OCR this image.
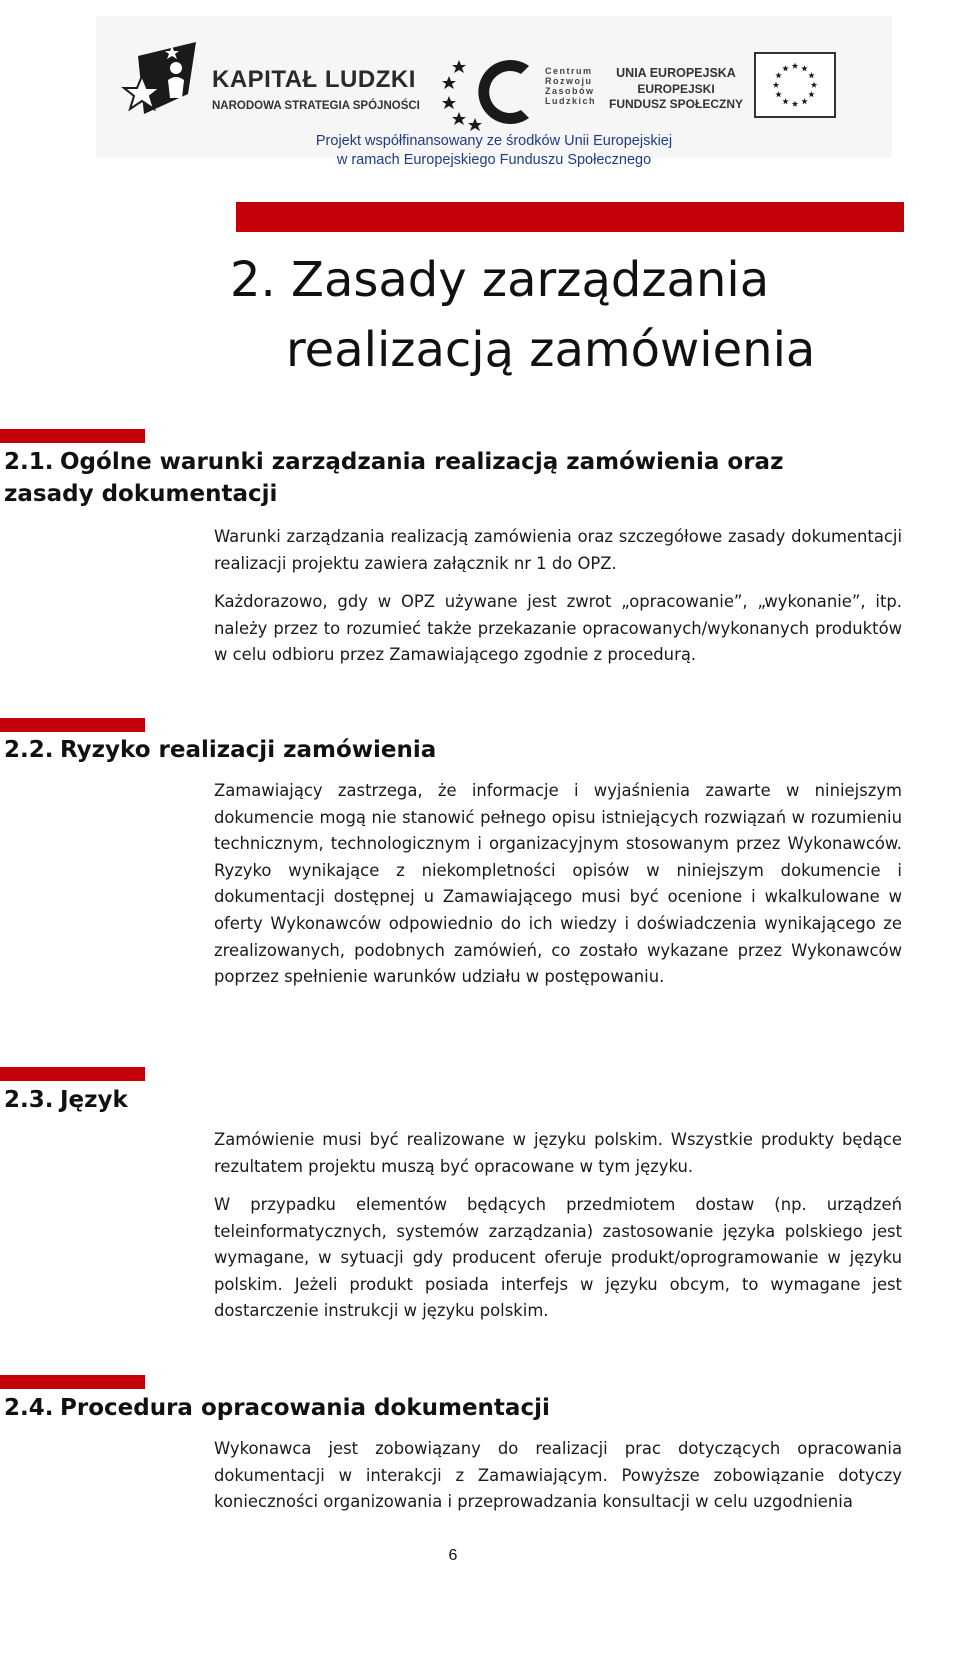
KAPITAŁ LUDZKI
NARODOWA STRATEGIA SPÓJNOŚCI
Centrum
Rozwoju
Zasobów
Ludzkich
UNIA EUROPEJSKA
EUROPEJSKI
FUNDUSZ SPOŁECZNY
Projekt współfinansowany ze środków Unii Europejskiej
w ramach Europejskiego Funduszu Społecznego
2. Zasady zarządzania
realizacją zamówienia
2.1. Ogólne warunki zarządzania realizacją zamówienia oraz zasady dokumentacji

Warunki zarządzania realizacją zamówienia oraz szczegółowe zasady dokumentacji realizacji projektu zawiera załącznik nr 1 do OPZ.

Każdorazowo, gdy w OPZ używane jest zwrot „opracowanie”, „wykonanie”, itp. należy przez to rozumieć także przekazanie opracowanych/wykonanych produktów w celu odbioru przez Zamawiającego zgodnie z procedurą.

2.2. Ryzyko realizacji zamówienia

Zamawiający zastrzega, że informacje i wyjaśnienia zawarte w niniejszym dokumencie mogą nie stanowić pełnego opisu istniejących rozwiązań w rozumieniu technicznym, technologicznym i organizacyjnym stosowanym przez Wykonawców. Ryzyko wynikające z niekompletności opisów w niniejszym dokumencie i dokumentacji dostępnej u Zamawiającego musi być ocenione i wkalkulowane w oferty Wykonawców odpowiednio do ich wiedzy i doświadczenia wynikającego ze zrealizowanych, podobnych zamówień, co zostało wykazane przez Wykonawców poprzez spełnienie warunków udziału w postępowaniu.

2.3. Język

Zamówienie musi być realizowane w języku polskim. Wszystkie produkty będące rezultatem projektu muszą być opracowane w tym języku.

W przypadku elementów będących przedmiotem dostaw (np. urządzeń teleinformatycznych, systemów zarządzania) zastosowanie języka polskiego jest wymagane, w sytuacji gdy producent oferuje produkt/oprogramowanie w języku polskim. Jeżeli produkt posiada interfejs w języku obcym, to wymagane jest dostarczenie instrukcji w języku polskim.

2.4. Procedura opracowania dokumentacji

Wykonawca jest zobowiązany do realizacji prac dotyczących opracowania dokumentacji w interakcji z Zamawiającym. Powyższe zobowiązanie dotyczy konieczności organizowania i przeprowadzania konsultacji w celu uzgodnienia

6
